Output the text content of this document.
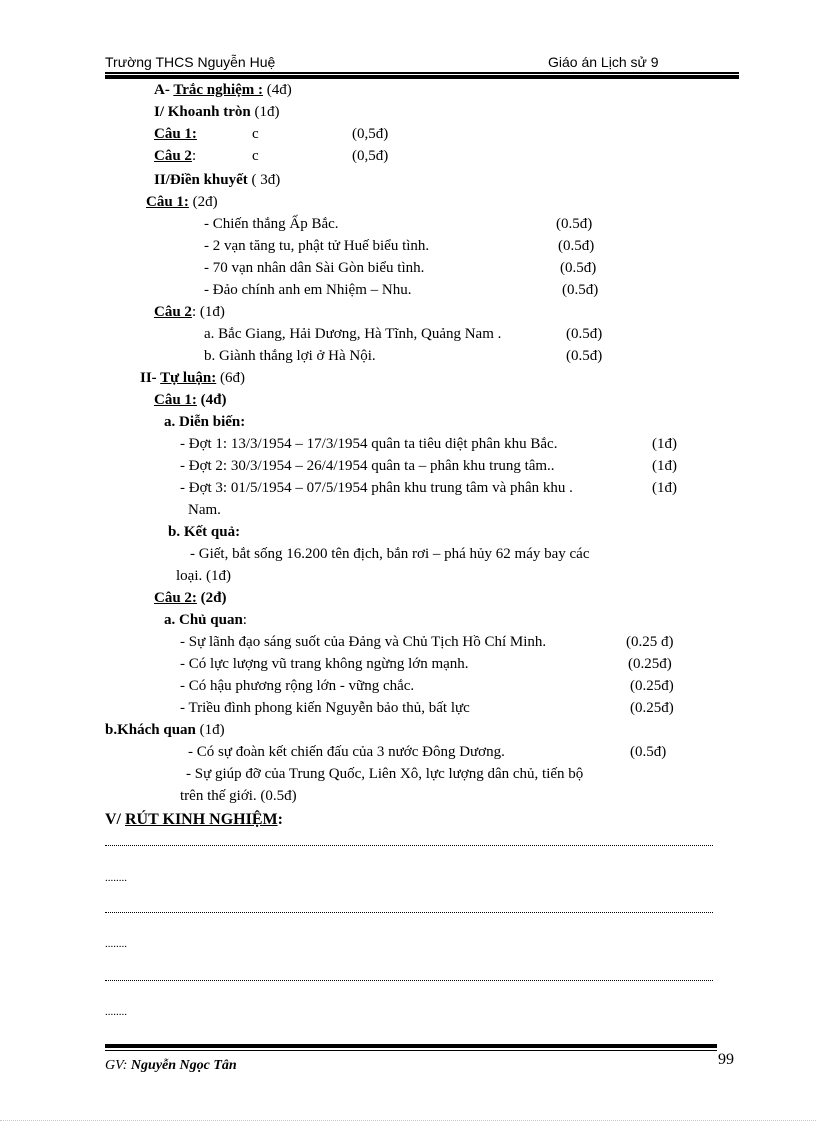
Trường THCS Nguyễn Huệ	Giáo án Lịch sử 9
A- Trắc nghiệm : (4đ)
I/ Khoanh tròn (1đ)
Câu 1:	c	(0,5đ)
Câu 2:	c	(0,5đ)
II/Điền khuyết ( 3đ)
Câu 1: (2đ)
- Chiến thắng Ấp Bắc.	(0.5đ)
- 2 vạn tăng tu, phật tử Huế biểu tình.	(0.5đ)
- 70 vạn nhân dân Sài Gòn biểu tình.	(0.5đ)
- Đảo chính anh em Nhiệm – Nhu.	(0.5đ)
Câu 2: (1đ)
a. Bắc Giang, Hải Dương, Hà Tĩnh, Quảng Nam .	(0.5đ)
b. Giành thắng lợi ở Hà Nội.	(0.5đ)
II- Tự luận: (6đ)
Câu 1: (4đ)
a. Diễn biến:
- Đợt 1: 13/3/1954 – 17/3/1954 quân ta tiêu diệt phân khu Bắc.	(1đ)
- Đợt 2: 30/3/1954 – 26/4/1954 quân ta – phân khu trung tâm..	(1đ)
- Đợt 3: 01/5/1954 – 07/5/1954 phân khu trung tâm và phân khu .	(1đ)
Nam.
b. Kết quả:
- Giết, bắt sống 16.200 tên địch, bắn rơi – phá hủy 62 máy bay các
loại. (1đ)
Câu 2: (2đ)
a. Chủ quan:
- Sự lãnh đạo sáng suốt của Đảng và Chủ Tịch Hồ Chí Minh.	(0.25 đ)
- Có lực lượng vũ trang không ngừng lớn mạnh.	(0.25đ)
- Có hậu phương rộng lớn - vững chắc.	(0.25đ)
- Triều đình phong kiến Nguyễn bảo thủ, bất lực	(0.25đ)
b.Khách quan (1đ)
- Có sự đoàn kết chiến đấu của 3 nước Đông Dương.	(0.5đ)
- Sự giúp đỡ của Trung Quốc, Liên Xô, lực lượng dân chủ, tiến bộ
trên thế giới. (0.5đ)
V/ RÚT KINH NGHIỆM:
........
........
........
GV: Nguyễn Ngọc Tân	99
